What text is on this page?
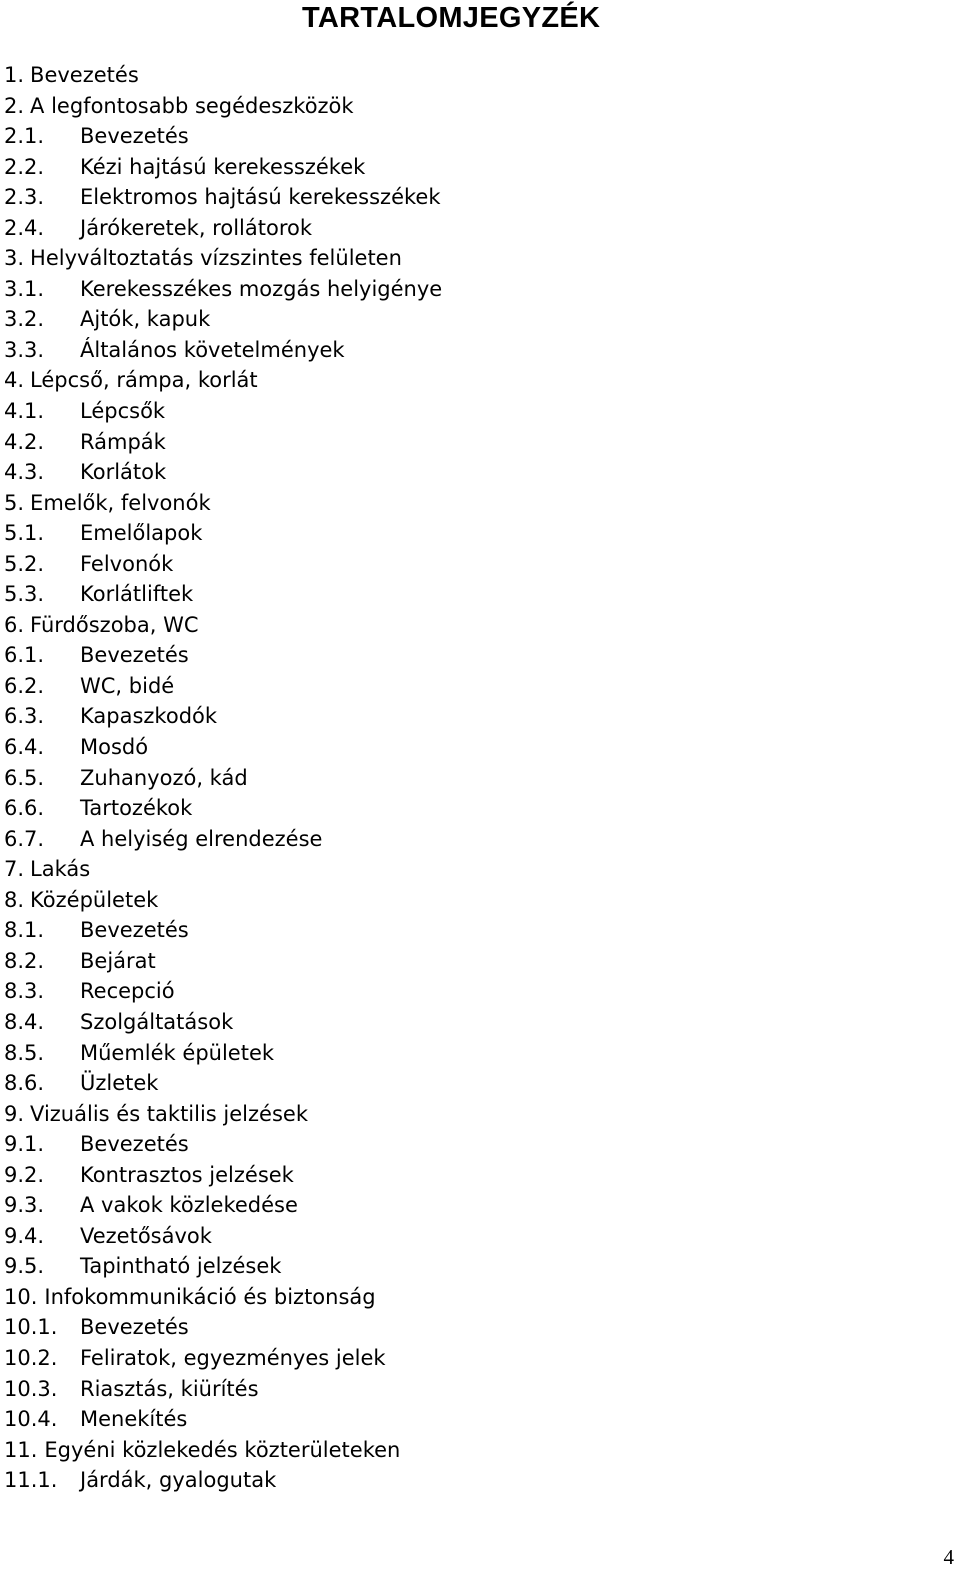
TARTALOMJEGYZÉK
1. Bevezetés
2. A legfontosabb segédeszközök
2.1. Bevezetés
2.2. Kézi hajtású kerekesszékek
2.3. Elektromos hajtású kerekesszékek
2.4. Járókeretek, rollátorok
3. Helyváltoztatás vízszintes felületen
3.1. Kerekesszékes mozgás helyigénye
3.2. Ajtók, kapuk
3.3. Általános követelmények
4. Lépcső, rámpa, korlát
4.1. Lépcsők
4.2. Rámpák
4.3. Korlátok
5. Emelők, felvonók
5.1. Emelőlapok
5.2. Felvonók
5.3. Korlátliftek
6. Fürdőszoba, WC
6.1. Bevezetés
6.2. WC, bidé
6.3. Kapaszkodók
6.4. Mosdó
6.5. Zuhanyozó, kád
6.6. Tartozékok
6.7. A helyiség elrendezése
7. Lakás
8. Középületek
8.1. Bevezetés
8.2. Bejárat
8.3. Recepció
8.4. Szolgáltatások
8.5. Műemlék épületek
8.6. Üzletek
9. Vizuális és taktilis jelzések
9.1. Bevezetés
9.2. Kontrasztos jelzések
9.3. A vakok közlekedése
9.4. Vezetősávok
9.5. Tapintható jelzések
10. Infokommunikáció és biztonság
10.1. Bevezetés
10.2. Feliratok, egyezményes jelek
10.3. Riasztás, kiürítés
10.4. Menekítés
11. Egyéni közlekedés közterületeken
11.1. Járdák, gyalogutak
4
